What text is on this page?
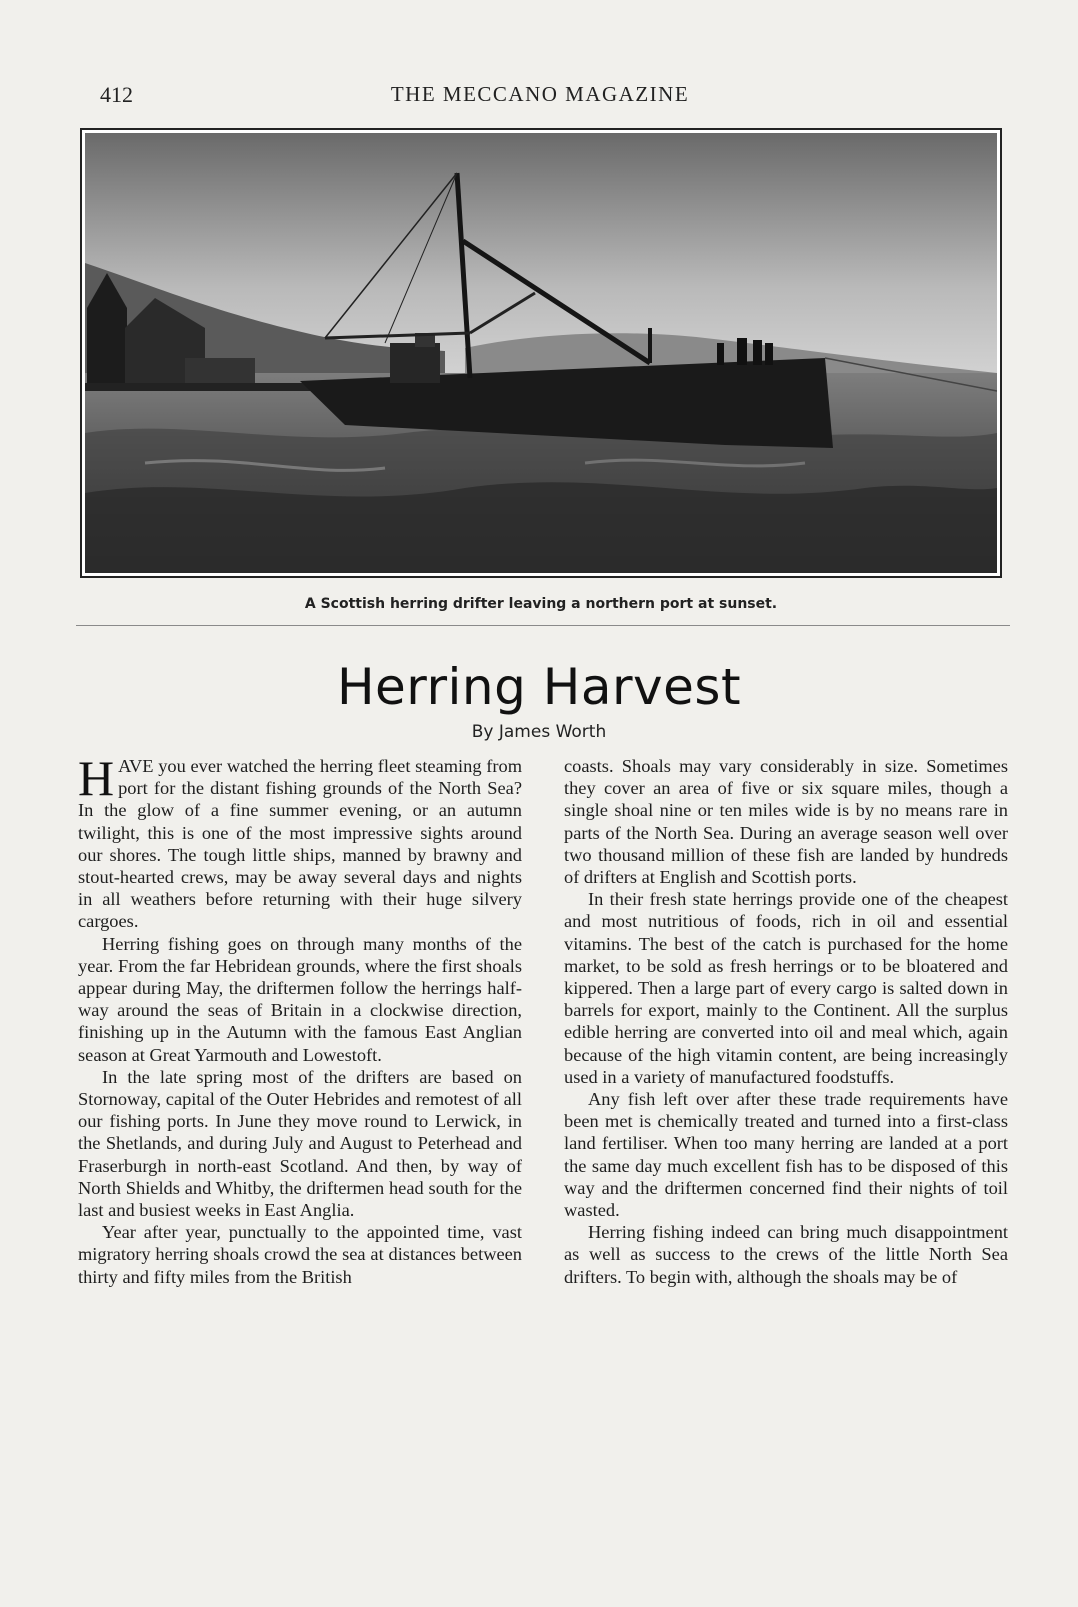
412	THE MECCANO MAGAZINE
A Scottish herring drifter leaving a northern port at sunset.
Herring Harvest
By James Worth

HAVE you ever watched the herring fleet steaming from port for the distant fishing grounds of the North Sea? In the glow of a fine summer evening, or an autumn twilight, this is one of the most impressive sights around our shores. The tough little ships, manned by brawny and stout-hearted crews, may be away several days and nights in all weathers before returning with their huge silvery cargoes.

Herring fishing goes on through many months of the year. From the far Hebridean grounds, where the first shoals appear during May, the driftermen follow the herrings half-way around the seas of Britain in a clockwise direction, finishing up in the Autumn with the famous East Anglian season at Great Yarmouth and Lowestoft.

In the late spring most of the drifters are based on Stornoway, capital of the Outer Hebrides and remotest of all our fishing ports. In June they move round to Lerwick, in the Shetlands, and during July and August to Peterhead and Fraserburgh in north-east Scotland. And then, by way of North Shields and Whitby, the driftermen head south for the last and busiest weeks in East Anglia.

Year after year, punctually to the appointed time, vast migratory herring shoals crowd the sea at distances between thirty and fifty miles from the British

coasts. Shoals may vary considerably in size. Sometimes they cover an area of five or six square miles, though a single shoal nine or ten miles wide is by no means rare in parts of the North Sea. During an average season well over two thousand million of these fish are landed by hundreds of drifters at English and Scottish ports.

In their fresh state herrings provide one of the cheapest and most nutritious of foods, rich in oil and essential vitamins. The best of the catch is purchased for the home market, to be sold as fresh herrings or to be bloatered and kippered. Then a large part of every cargo is salted down in barrels for export, mainly to the Continent. All the surplus edible herring are converted into oil and meal which, again because of the high vitamin content, are being increasingly used in a variety of manufactured foodstuffs.

Any fish left over after these trade requirements have been met is chemically treated and turned into a first-class land fertiliser. When too many herring are landed at a port the same day much excellent fish has to be disposed of this way and the driftermen concerned find their nights of toil wasted.

Herring fishing indeed can bring much disappointment as well as success to the crews of the little North Sea drifters. To begin with, although the shoals may be of
